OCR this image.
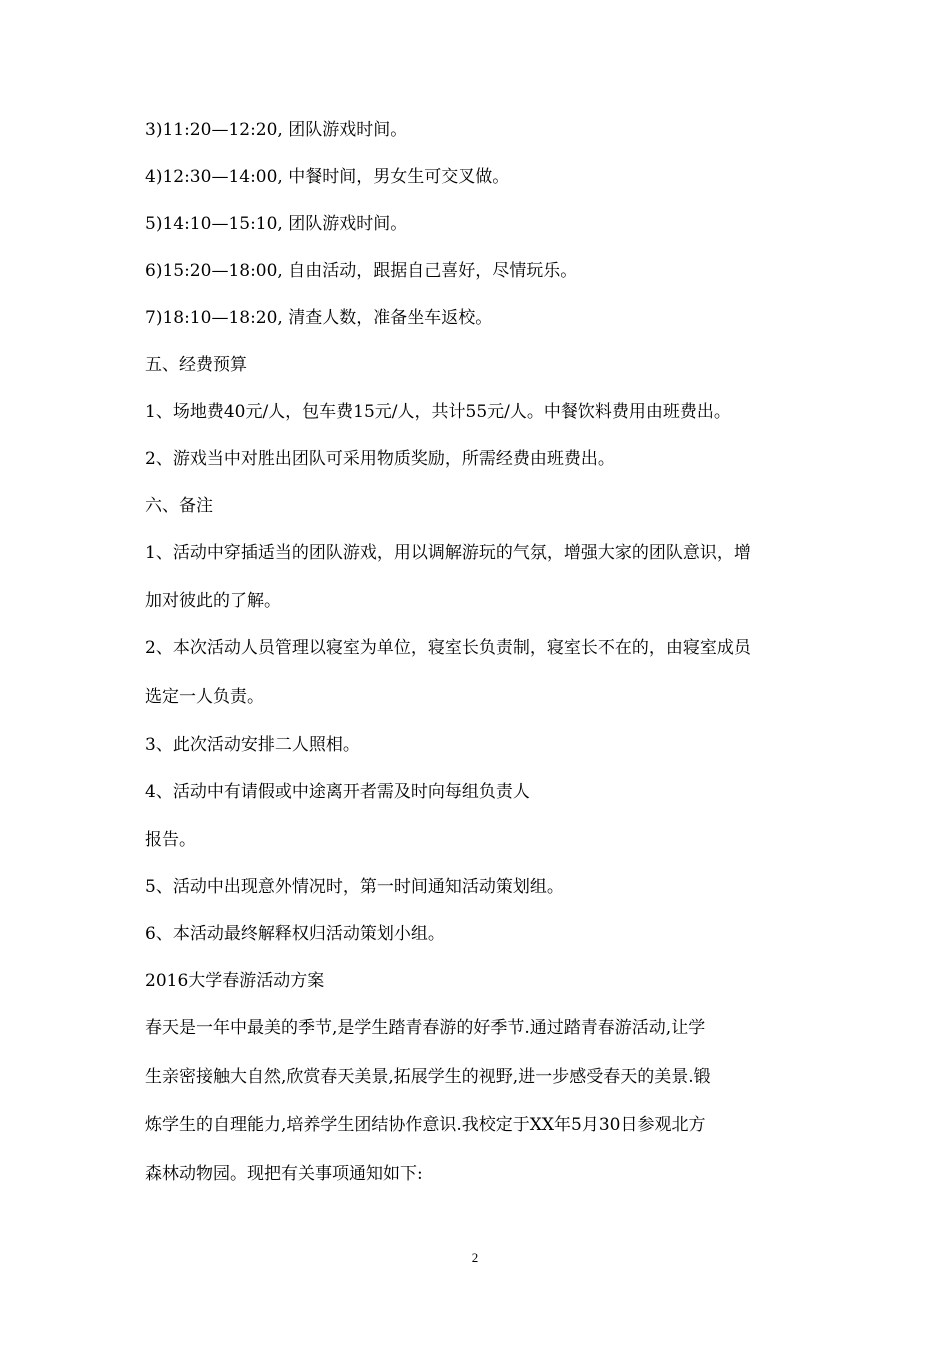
3)11:20—12:20, 团队游戏时间。

4)12:30—14:00, 中餐时间，男女生可交叉做。

5)14:10—15:10, 团队游戏时间。

6)15:20—18:00, 自由活动，跟据自己喜好，尽情玩乐。

7)18:10—18:20, 清查人数，准备坐车返校。

五、经费预算

1、场地费40元/人，包车费15元/人，共计55元/人。中餐饮料费用由班费出。

2、游戏当中对胜出团队可采用物质奖励，所需经费由班费出。

六、备注

1、活动中穿插适当的团队游戏，用以调解游玩的气氛，增强大家的团队意识，增

加对彼此的了解。

2、本次活动人员管理以寝室为单位，寝室长负责制，寝室长不在的，由寝室成员

选定一人负责。

3、此次活动安排二人照相。

4、活动中有请假或中途离开者需及时向每组负责人

报告。

5、活动中出现意外情况时，第一时间通知活动策划组。

6、本活动最终解释权归活动策划小组。

2016大学春游活动方案

春天是一年中最美的季节,是学生踏青春游的好季节.通过踏青春游活动,让学

生亲密接触大自然,欣赏春天美景,拓展学生的视野,进一步感受春天的美景.锻

炼学生的自理能力,培养学生团结协作意识.我校定于XX年5月30日参观北方

森林动物园。现把有关事项通知如下:

2
